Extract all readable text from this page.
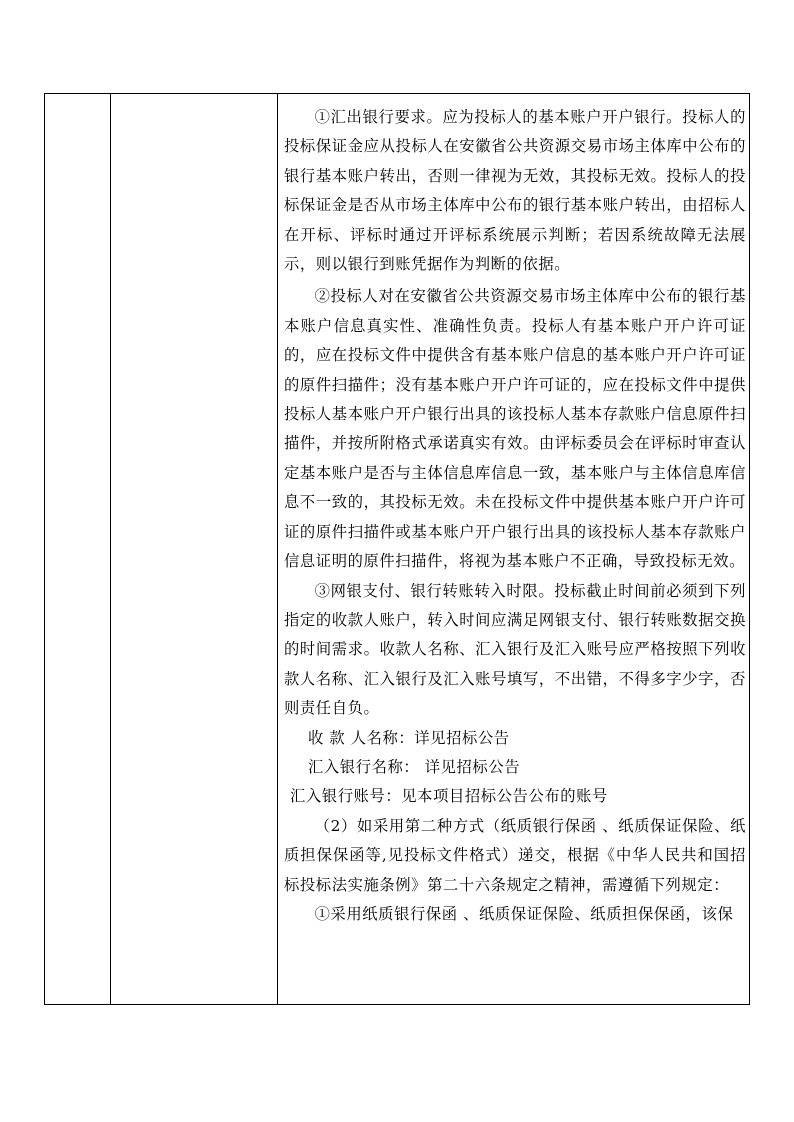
①汇出银行要求。应为投标人的基本账户开户银行。投标人的投标保证金应从投标人在安徽省公共资源交易市场主体库中公布的银行基本账户转出，否则一律视为无效，其投标无效。投标人的投标保证金是否从市场主体库中公布的银行基本账户转出，由招标人在开标、评标时通过开评标系统展示判断；若因系统故障无法展示，则以银行到账凭据作为判断的依据。

②投标人对在安徽省公共资源交易市场主体库中公布的银行基本账户信息真实性、准确性负责。投标人有基本账户开户许可证的，应在投标文件中提供含有基本账户信息的基本账户开户许可证的原件扫描件；没有基本账户开户许可证的，应在投标文件中提供投标人基本账户开户银行出具的该投标人基本存款账户信息原件扫描件，并按所附格式承诺真实有效。由评标委员会在评标时审查认定基本账户是否与主体信息库信息一致，基本账户与主体信息库信息不一致的，其投标无效。未在投标文件中提供基本账户开户许可证的原件扫描件或基本账户开户银行出具的该投标人基本存款账户信息证明的原件扫描件，将视为基本账户不正确，导致投标无效。

③网银支付、银行转账转入时限。投标截止时间前必须到下列指定的收款人账户，转入时间应满足网银支付、银行转账数据交换的时间需求。收款人名称、汇入银行及汇入账号应严格按照下列收款人名称、汇入银行及汇入账号填写，不出错，不得多字少字，否则责任自负。

收 款 人名称：详见招标公告

汇入银行名称： 详见招标公告

汇入银行账号：见本项目招标公告公布的账号

（2）如采用第二种方式（纸质银行保函 、纸质保证保险、纸质担保保函等,见投标文件格式）递交，根据《中华人民共和国招标投标法实施条例》第二十六条规定之精神，需遵循下列规定：

①采用纸质银行保函 、纸质保证保险、纸质担保保函，该保
